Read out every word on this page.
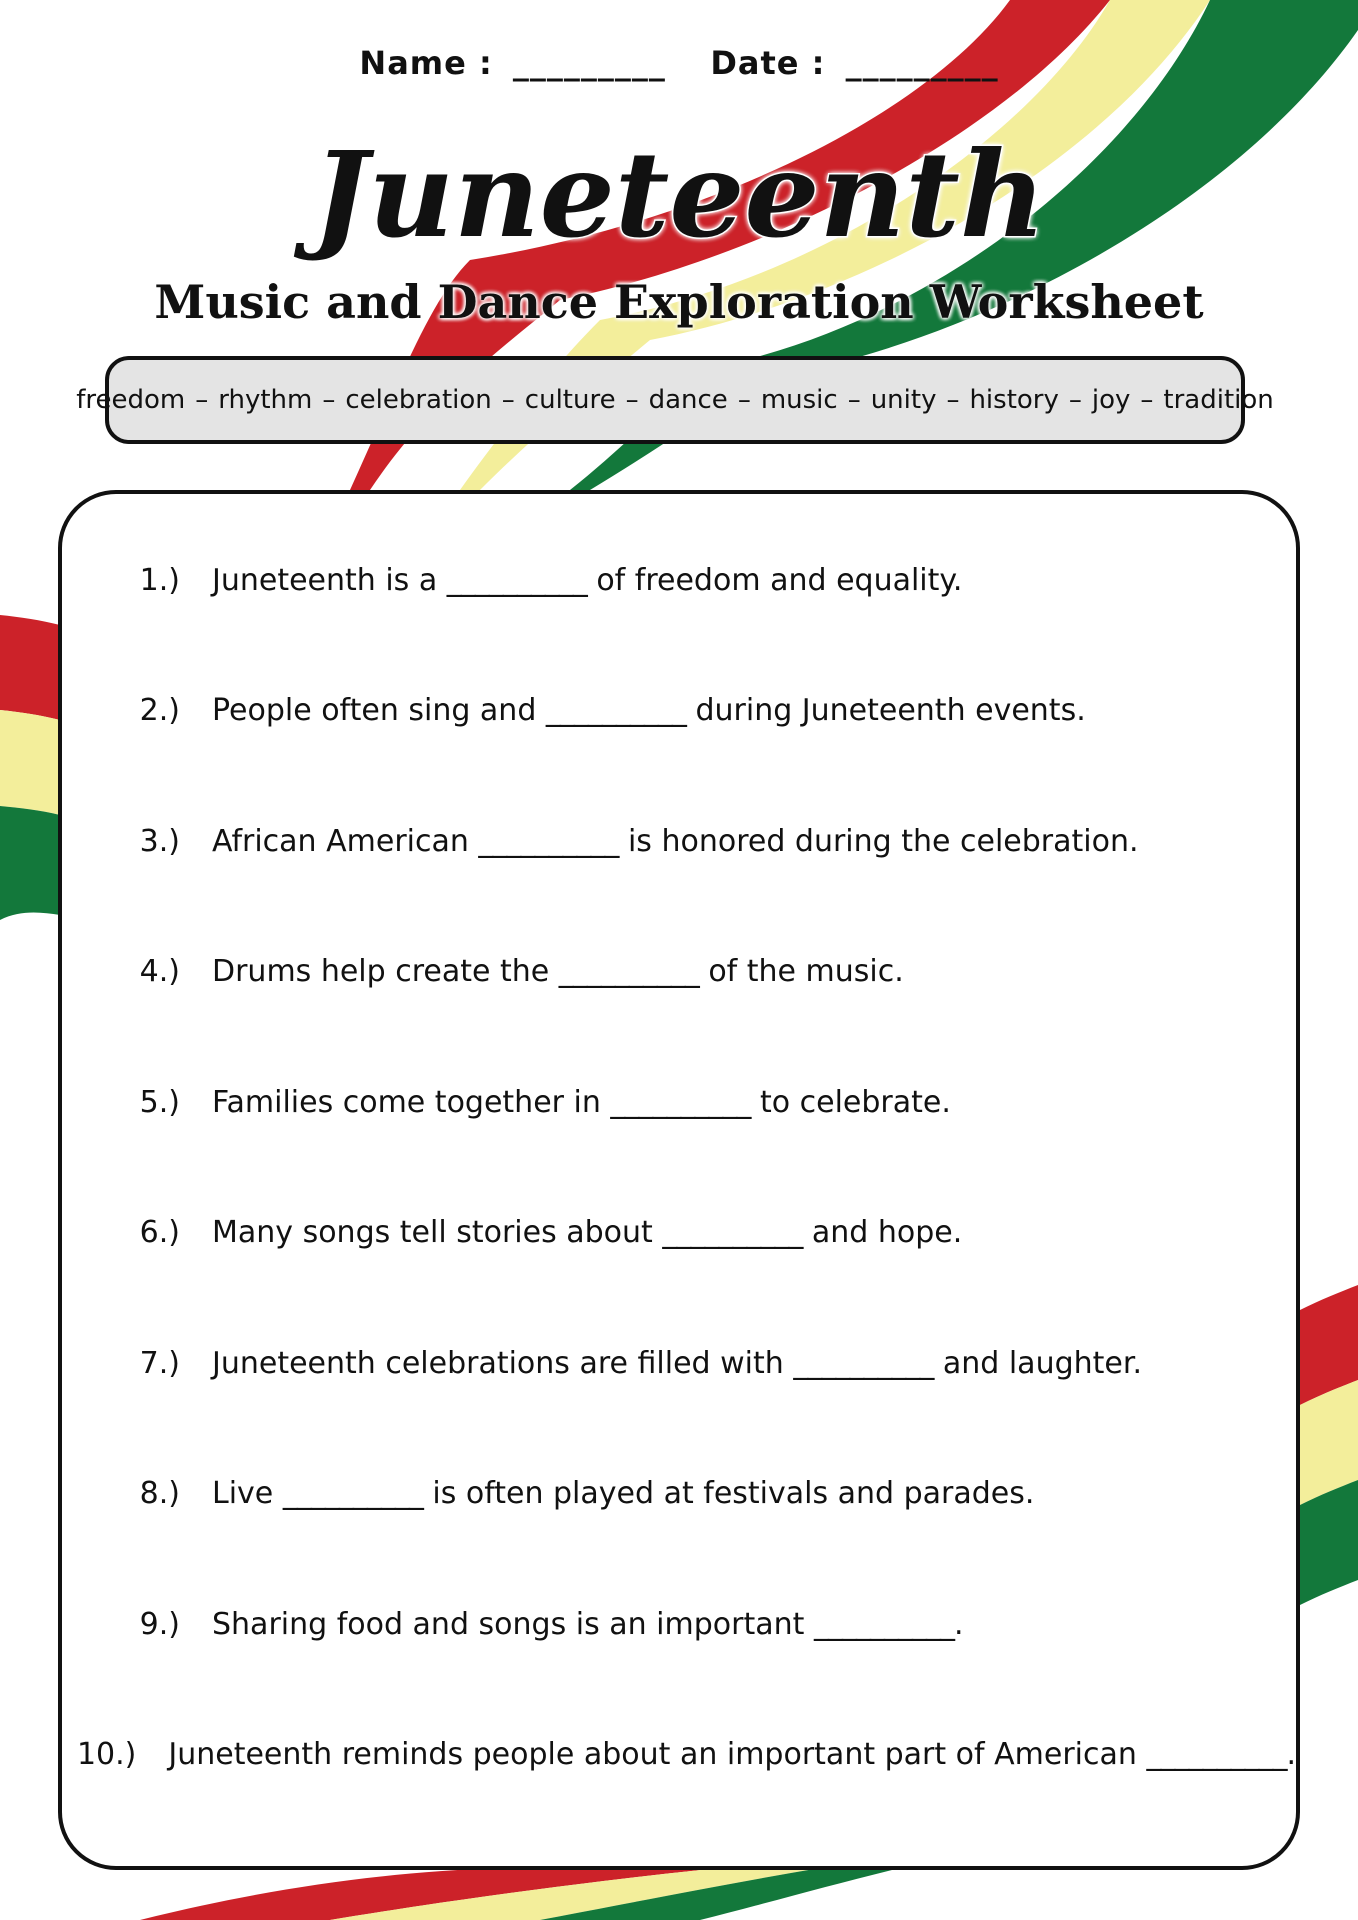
Name : _________ Date : _________
Juneteenth
Music and Dance Exploration Worksheet
freedom – rhythm – celebration – culture – dance – music – unity – history – joy – tradition
1.)	Juneteenth is a __________ of freedom and equality.
2.)	People often sing and __________ during Juneteenth events.
3.)	African American __________ is honored during the celebration.
4.)	Drums help create the __________ of the music.
5.)	Families come together in __________ to celebrate.
6.)	Many songs tell stories about __________ and hope.
7.)	Juneteenth celebrations are filled with __________ and laughter.
8.)	Live __________ is often played at festivals and parades.
9.)	Sharing food and songs is an important __________.
10.)	Juneteenth reminds people about an important part of American __________.
